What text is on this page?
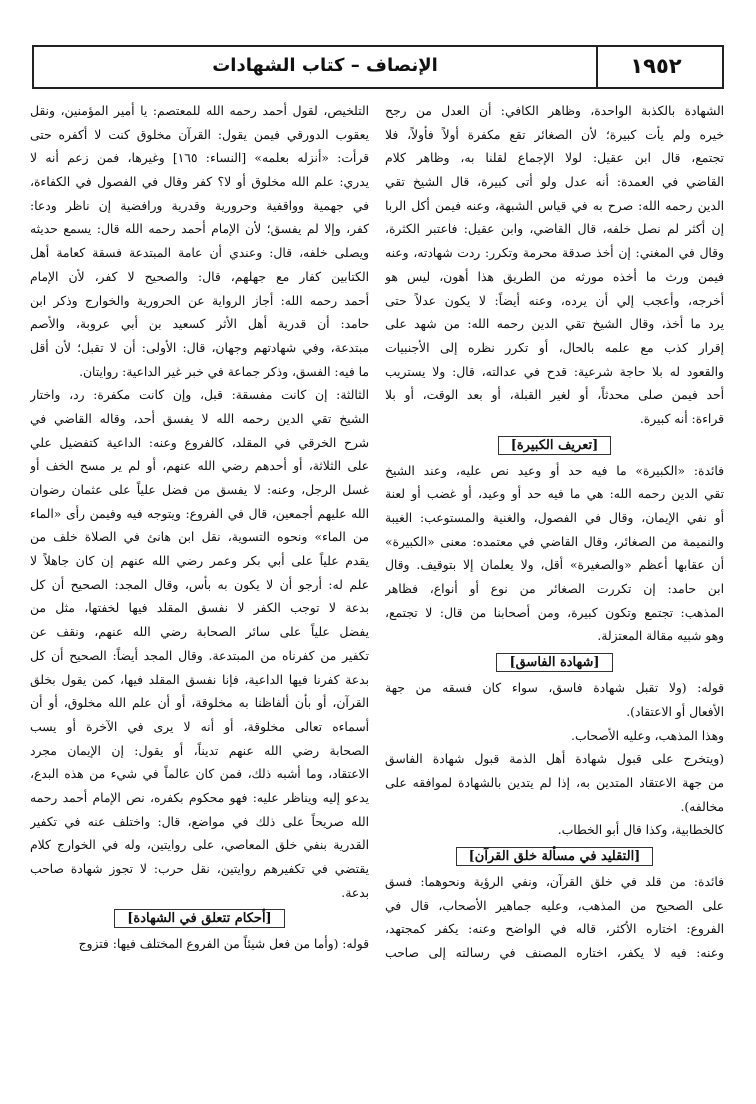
١٩٥٢
الإنصاف – كتاب الشهادات
الشهادة بالكذبة الواحدة، وظاهر الكافي: أن العدل من رجح
خيره ولم يأت كبيرة؛ لأن الصغائر تقع مكفرة أولاً فأولاً، فلا
تجتمع، قال ابن عقيل: لولا الإجماع لقلنا به، وظاهر كلام
القاضي في العمدة: أنه عدل ولو أتى كبيرة، قال الشيخ تقي
الدين رحمه الله: صرح به في قياس الشبهة، وعنه فيمن أكل الربا
إن أكثر لم نصل خلفه، قال القاضي، وابن عقيل: فاعتبر الكثرة،
وقال في المغني: إن أخذ صدقة محرمة وتكرر: ردت شهادته، وعنه
فيمن ورث ما أخذه مورثه من الطريق هذا أهون، ليس هو
أخرجه، وأعجب إلي أن يرده، وعنه أيضاً: لا يكون عدلاً حتى
يرد ما أخذ، وقال الشيخ تقي الدين رحمه الله: من شهد على
إقرار كذب مع علمه بالحال، أو تكرر نظره إلى الأجنبيات
والقعود له بلا حاجة شرعية: قدح في عدالته، قال: ولا يستريب
أحد فيمن صلى محدثاً، أو لغير القبلة، أو بعد الوقت، أو بلا
قراءة: أنه كبيرة.
[تعريف الكبيرة]
فائدة: «الكبيرة» ما فيه حد أو وعيد نص عليه، وعند الشيخ
تقي الدين رحمه الله: هي ما فيه حد أو وعيد، أو غضب أو لعنة
أو نفي الإيمان، وقال في الفصول، والغنية والمستوعب: الغيبة
والنميمة من الصغائر، وقال القاضي في معتمده: معنى «الكبيرة»
أن عقابها أعظم «والصغيرة» أقل، ولا يعلمان إلا بتوقيف. وقال
ابن حامد: إن تكررت الصغائر من نوع أو أنواع، فظاهر
المذهب: تجتمع وتكون كبيرة، ومن أصحابنا من قال: لا تجتمع،
وهو شبيه مقالة المعتزلة.
[شهادة الفاسق]
قوله: (ولا تقبل شهادة فاسق، سواء كان فسقه من جهة
الأفعال أو الاعتقاد).
وهذا المذهب، وعليه الأصحاب.
(ويتخرج على قبول شهادة أهل الذمة قبول شهادة الفاسق
من جهة الاعتقاد المتدين به، إذا لم يتدين بالشهادة لموافقه على
مخالفه).
كالخطابية، وكذا قال أبو الخطاب.
[التقليد في مسألة خلق القرآن]
فائدة: من قلد في خلق القرآن، ونفي الرؤية ونحوهما: فسق
على الصحيح من المذهب، وعليه جماهير الأصحاب، قال في
الفروع: اختاره الأكثر، قاله في الواضح وعنه: يكفر كمجتهد،
وعنه: فيه لا يكفر، اختاره المصنف في رسالته إلى صاحب
التلخيص، لقول أحمد رحمه الله للمعتصم: يا أمير المؤمنين، ونقل
يعقوب الدورقي فيمن يقول: القرآن مخلوق كنت لا أكفره حتى
قرأت: «أنزله بعلمه» [النساء: ١٦٥] وغيرها، فمن زعم أنه لا
يدري: علم الله مخلوق أو لا؟ كفر وقال في الفصول في الكفاءة،
في جهمية وواقفية وحرورية وقدرية ورافضية إن ناظر ودعا:
كفر، وإلا لم يفسق؛ لأن الإمام أحمد رحمه الله قال: يسمع حديثه
ويصلى خلفه، قال: وعندي أن عامة المبتدعة فسقة كعامة أهل
الكتابين كفار مع جهلهم، قال: والصحيح لا كفر، لأن الإمام
أحمد رحمه الله: أجاز الرواية عن الحرورية والخوارج وذكر ابن
حامد: أن قدرية أهل الأثر كسعيد بن أبي عروبة، والأصم
مبتدعة، وفي شهادتهم وجهان، قال: الأولى: أن لا تقبل؛ لأن أقل
ما فيه: الفسق، وذكر جماعة في خبر غير الداعية: روايتان.
الثالثة: إن كانت مفسقة: قبل، وإن كانت مكفرة: رد، واختار
الشيخ تقي الدين رحمه الله لا يفسق أحد، وقاله القاضي في
شرح الخرقي في المقلد، كالفروع وعنه: الداعية كتفضيل علي
على الثلاثة، أو أحدهم رضي الله عنهم، أو لم ير مسح الخف أو
غسل الرجل، وعنه: لا يفسق من فضل علياً على عثمان رضوان
الله عليهم أجمعين، قال في الفروع: ويتوجه فيه وفيمن رأى «الماء
من الماء» ونحوه التسوية، نقل ابن هانئ في الصلاة خلف من
يقدم علياً على أبي بكر وعمر رضي الله عنهم إن كان جاهلاً لا
علم له: أرجو أن لا يكون به بأس، وقال المجد: الصحيح أن كل
بدعة لا توجب الكفر لا نفسق المقلد فيها لخفتها، مثل من
يفضل علياً على سائر الصحابة رضي الله عنهم، ونقف عن
تكفير من كفرناه من المبتدعة. وقال المجد أيضاً: الصحيح أن كل
بدعة كفرنا فيها الداعية، فإنا نفسق المقلد فيها، كمن يقول بخلق
القرآن، أو بأن ألفاظنا به مخلوقة، أو أن علم الله مخلوق، أو أن
أسماءه تعالى مخلوقة، أو أنه لا يرى في الآخرة أو يسب
الصحابة رضي الله عنهم تديناً، أو يقول: إن الإيمان مجرد
الاعتقاد، وما أشبه ذلك، فمن كان عالماً في شيء من هذه البدع،
يدعو إليه ويناظر عليه: فهو محكوم بكفره، نص الإمام أحمد رحمه
الله صريحاً على ذلك في مواضع، قال: واختلف عنه في تكفير
القدرية بنفي خلق المعاصي، على روايتين، وله في الخوارج كلام
يقتضي في تكفيرهم روايتين، نقل حرب: لا تجوز شهادة صاحب
بدعة.
[أحكام تتعلق في الشهادة]
قوله: (وأما من فعل شيئاً من الفروع المختلف فيها: فتزوج
